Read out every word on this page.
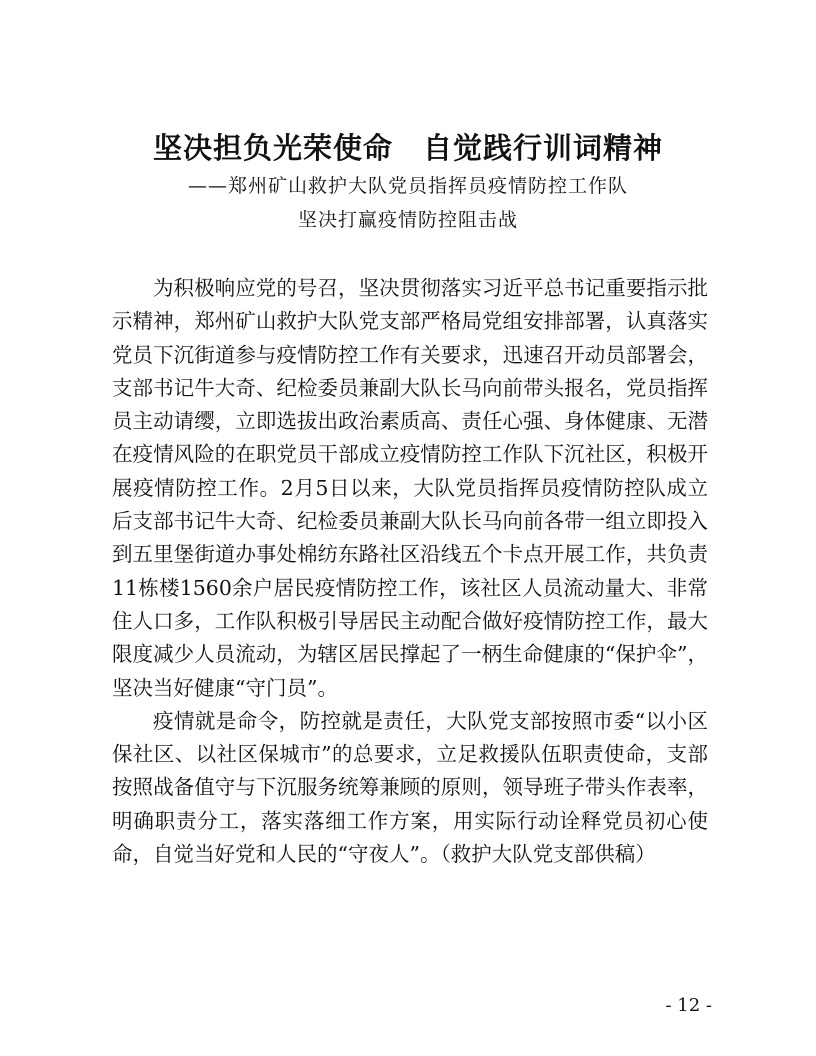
坚决担负光荣使命　自觉践行训词精神
——郑州矿山救护大队党员指挥员疫情防控工作队
坚决打赢疫情防控阻击战

为积极响应党的号召，坚决贯彻落实习近平总书记重要指示批示精神，郑州矿山救护大队党支部严格局党组安排部署，认真落实党员下沉街道参与疫情防控工作有关要求，迅速召开动员部署会，支部书记牛大奇、纪检委员兼副大队长马向前带头报名，党员指挥员主动请缨，立即选拔出政治素质高、责任心强、身体健康、无潜在疫情风险的在职党员干部成立疫情防控工作队下沉社区，积极开展疫情防控工作。2月5日以来，大队党员指挥员疫情防控队成立后支部书记牛大奇、纪检委员兼副大队长马向前各带一组立即投入到五里堡街道办事处棉纺东路社区沿线五个卡点开展工作，共负责11栋楼1560余户居民疫情防控工作，该社区人员流动量大、非常住人口多，工作队积极引导居民主动配合做好疫情防控工作，最大限度减少人员流动，为辖区居民撑起了一柄生命健康的“保护伞”，坚决当好健康“守门员”。

疫情就是命令，防控就是责任，大队党支部按照市委“以小区保社区、以社区保城市”的总要求，立足救援队伍职责使命，支部按照战备值守与下沉服务统筹兼顾的原则，领导班子带头作表率，明确职责分工，落实落细工作方案，用实际行动诠释党员初心使命，自觉当好党和人民的“守夜人”。（救护大队党支部供稿）

- 12 -
